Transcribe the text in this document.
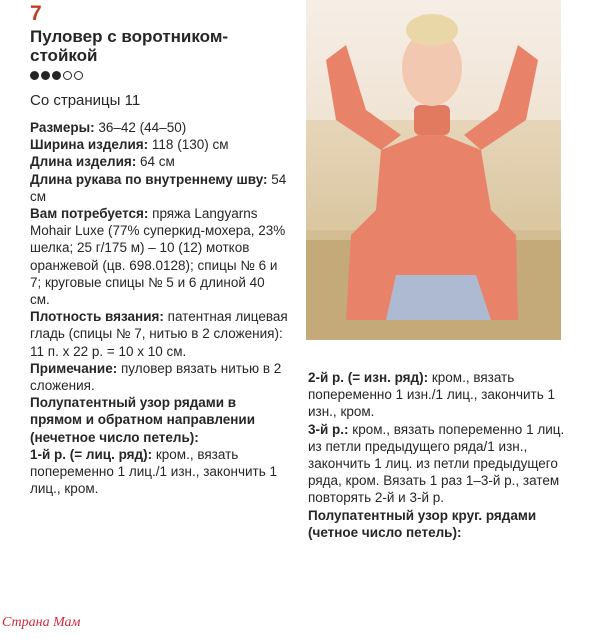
7
Пуловер с воротником-стойкой
Со страницы 11

Размеры: 36–42 (44–50)

Ширина изделия: 118 (130) см

Длина изделия: 64 см

Длина рукава по внутреннему шву: 54 см

Вам потребуется: пряжа Langyarns Mohair Luxe (77% суперкид-мохера, 23% шелка; 25 г/175 м) – 10 (12) мотков оранжевой (цв. 698.0128); спицы № 6 и 7; круговые спицы № 5 и 6 длиной 40 см.

Плотность вязания: патентная лицевая гладь (спицы № 7, нитью в 2 сложения): 11 п. х 22 р. = 10 х 10 см.

Примечание: пуловер вязать нитью в 2 сложения.

Полупатентный узор рядами в прямом и обратном направлении (нечетное число петель):

1-й р. (= лиц. ряд): кром., вязать попеременно 1 лиц./1 изн., закончить 1 лиц., кром.

2-й р. (= изн. ряд): кром., вязать попеременно 1 изн./1 лиц., закончить 1 изн., кром.

3-й р.: кром., вязать попеременно 1 лиц. из петли предыдущего ряда/1 изн., закончить 1 лиц. из петли предыдущего ряда, кром. Вязать 1 раз 1–3-й р., затем повторять 2-й и 3-й р.

Полупатентный узор круг. рядами (четное число петель):

Страна Мам
